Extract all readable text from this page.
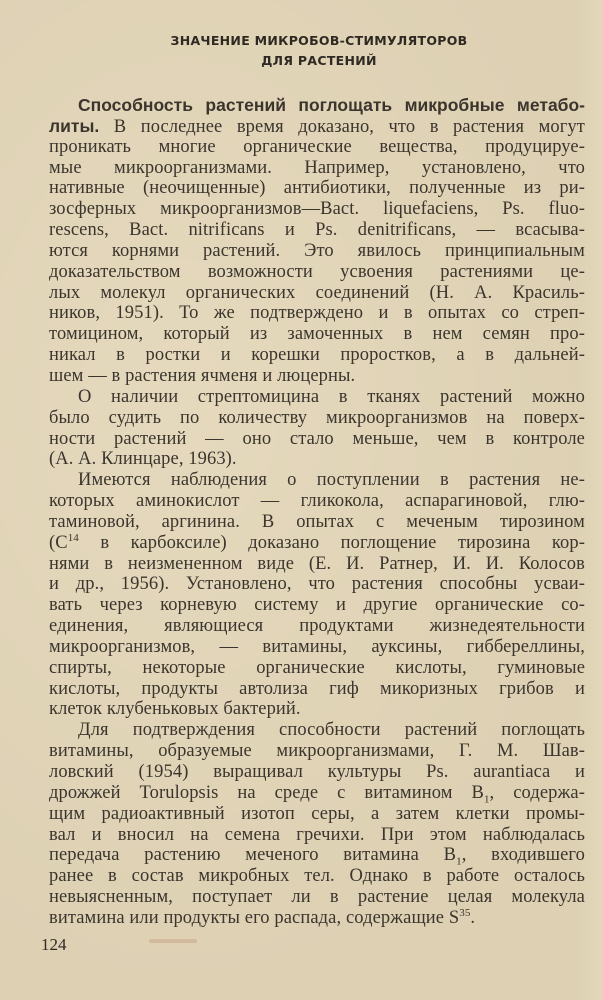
ЗНАЧЕНИЕ МИКРОБОВ-СТИМУЛЯТОРОВ
ДЛЯ РАСТЕНИЙ
Способность растений поглощать микробные метабо-
литы. В последнее время доказано, что в растения могут
проникать многие органические вещества, продуцируе-
мые микроорганизмами. Например, установлено, что
нативные (неочищенные) антибиотики, полученные из ри-
зосферных микроорганизмов—Bact. liquefaciens, Ps. fluo-
rescens, Bact. nitrificans и Ps. denitrificans, — всасыва-
ются корнями растений. Это явилось принципиальным
доказательством возможности усвоения растениями це-
лых молекул органических соединений (Н. А. Красиль-
ников, 1951). То же подтверждено и в опытах со стреп-
томицином, который из замоченных в нем семян про-
никал в ростки и корешки проростков, а в дальней-
шем — в растения ячменя и люцерны.
О наличии стрептомицина в тканях растений можно
было судить по количеству микроорганизмов на поверх-
ности растений — оно стало меньше, чем в контроле
(А. А. Клинцаре, 1963).
Имеются наблюдения о поступлении в растения не-
которых аминокислот — гликокола, аспарагиновой, глю-
таминовой, аргинина. В опытах с меченым тирозином
($С^{14}$ в карбоксиле) доказано поглощение тирозина кор-
нями в неизмененном виде (Е. И. Ратнер, И. И. Колосов
и др., 1956). Установлено, что растения способны усваи-
вать через корневую систему и другие органические со-
единения, являющиеся продуктами жизнедеятельности
микроорганизмов, — витамины, ауксины, гиббереллины,
спирты, некоторые органические кислоты, гуминовые
кислоты, продукты автолиза гиф микоризных грибов и
клеток клубеньковых бактерий.
Для подтверждения способности растений поглощать
витамины, образуемые микроорганизмами, Г. М. Шав-
ловский (1954) выращивал культуры Ps. aurantiaca и
дрожжей Torulopsis на среде с витамином $В_1$, содержа-
щим радиоактивный изотоп серы, а затем клетки промы-
вал и вносил на семена гречихи. При этом наблюдалась
передача растению меченого витамина $В_1$, входившего
ранее в состав микробных тел. Однако в работе осталось
невыясненным, поступает ли в растение целая молекула
витамина или продукты его распада, содержащие $S^{35}$.
124
